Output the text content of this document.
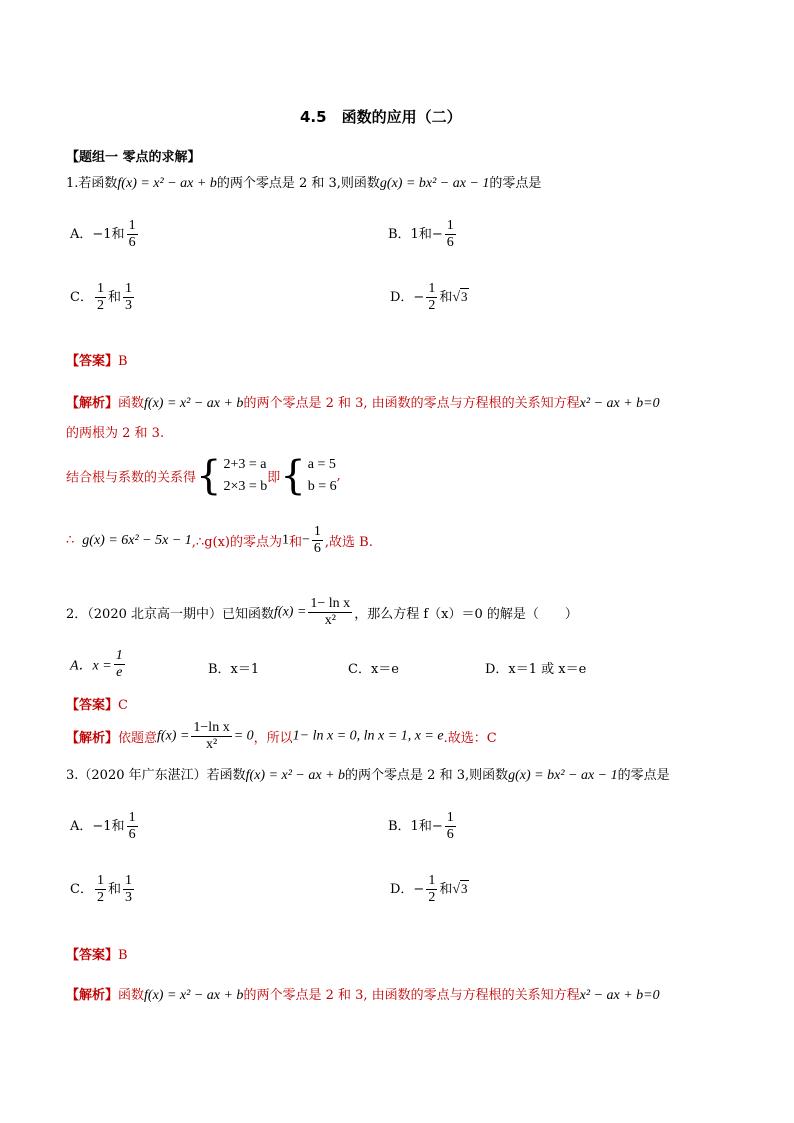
4.5　函数的应用（二）
【题组一 零点的求解】
1.若函数f(x) = x² − ax + b的两个零点是 2 和 3,则函数g(x) = bx² − ax − 1的零点是
A．−1和 $\frac{1}{6}$	B．1和− $\frac{1}{6}$
C． $\frac{1}{2}$ 和 $\frac{1}{3}$	D．− $\frac{1}{2}$ 和√3
【答案】B
【解析】函数f(x) = x² − ax + b的两个零点是 2 和 3, 由函数的零点与方程根的关系知方程x² − ax + b=0
的两根为 2 和 3.
结合根与系数的关系得 { 2+3 = a
2×3 = b
即 { a = 5
b = 6
,
∴ g(x) = 6x² − 5x − 1,∴g(x)的零点为1和− $\frac{1}{6}$ ,故选 B.
2．（2020 北京高一期中）已知函数$f(x) = \frac{\text{1− ln x}}{\text{x²}}$ ，那么方程 f（x）＝0 的解是（　　）
A．$x = \frac{1}{e}$	B．x＝1	C．x＝e	D．x＝1 或 x＝e
【答案】C
【解析】依题意$f(x) = \frac{\text{1−ln x}}{\text{x²}} = 0$，所以1− ln x = 0, ln x = 1, x = e.故选：C
3.（2020 年广东湛江）若函数f(x) = x² − ax + b的两个零点是 2 和 3,则函数g(x) = bx² − ax − 1的零点是
A．−1和 $\frac{1}{6}$	B．1和− $\frac{1}{6}$
C． $\frac{1}{2}$ 和 $\frac{1}{3}$	D．− $\frac{1}{2}$ 和√3
【答案】B
【解析】函数f(x) = x² − ax + b的两个零点是 2 和 3, 由函数的零点与方程根的关系知方程x² − ax + b=0
